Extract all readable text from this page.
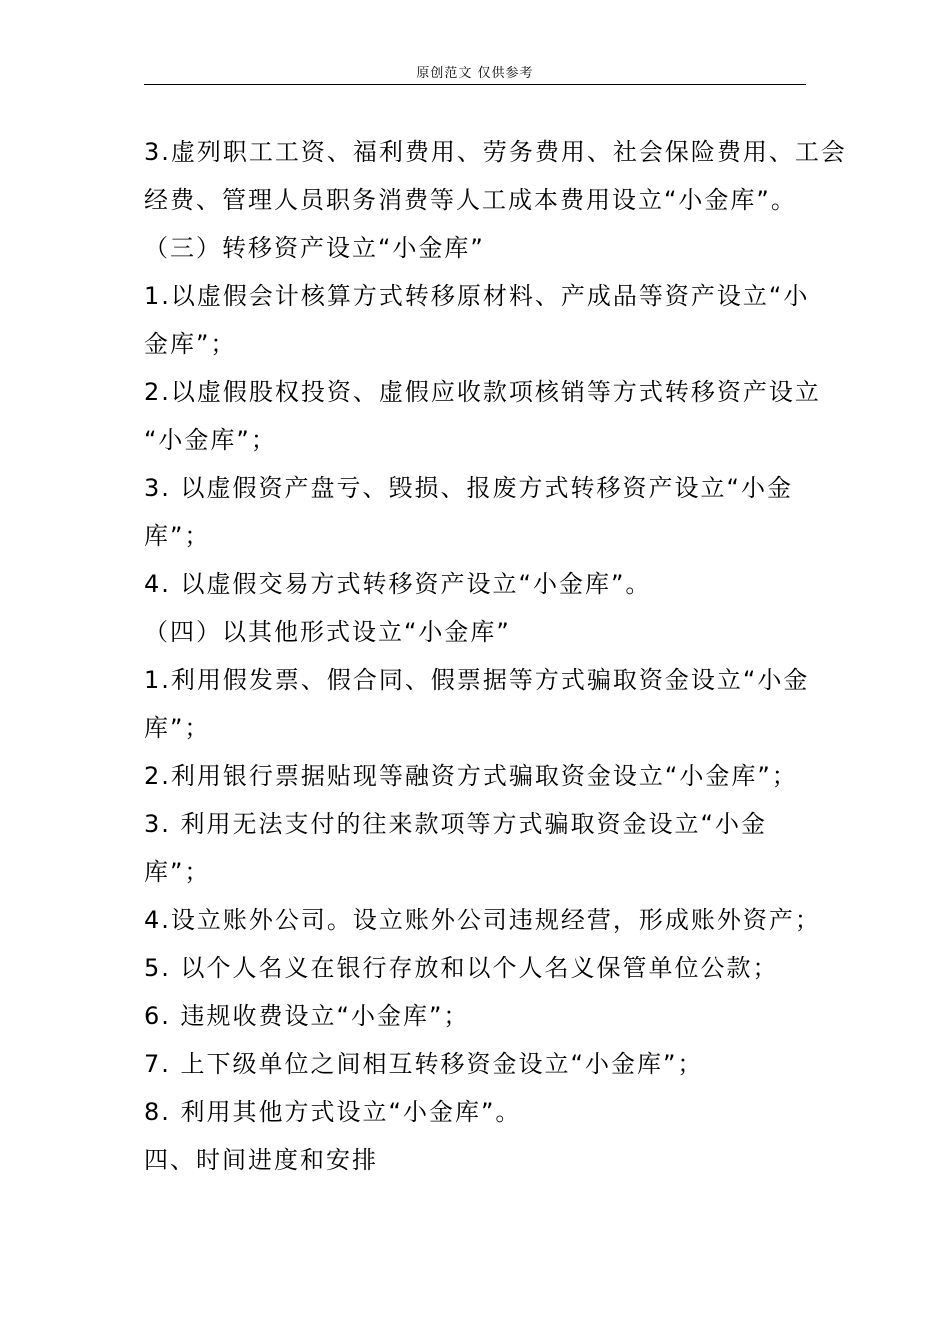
原创范文 仅供参考
3.虚列职工工资、福利费用、劳务费用、社会保险费用、工会
经费、管理人员职务消费等人工成本费用设立“小金库”。
（三）转移资产设立“小金库”
1.以虚假会计核算方式转移原材料、产成品等资产设立“小
金库”；
2.以虚假股权投资、虚假应收款项核销等方式转移资产设立
“小金库”；
3. 以虚假资产盘亏、毁损、报废方式转移资产设立“小金
库”；
4. 以虚假交易方式转移资产设立“小金库”。
（四）以其他形式设立“小金库”
1.利用假发票、假合同、假票据等方式骗取资金设立“小金
库”；
2.利用银行票据贴现等融资方式骗取资金设立“小金库”；
3. 利用无法支付的往来款项等方式骗取资金设立“小金
库”；
4.设立账外公司。设立账外公司违规经营，形成账外资产；
5. 以个人名义在银行存放和以个人名义保管单位公款；
6. 违规收费设立“小金库”；
7. 上下级单位之间相互转移资金设立“小金库”；
8. 利用其他方式设立“小金库”。
四、时间进度和安排
